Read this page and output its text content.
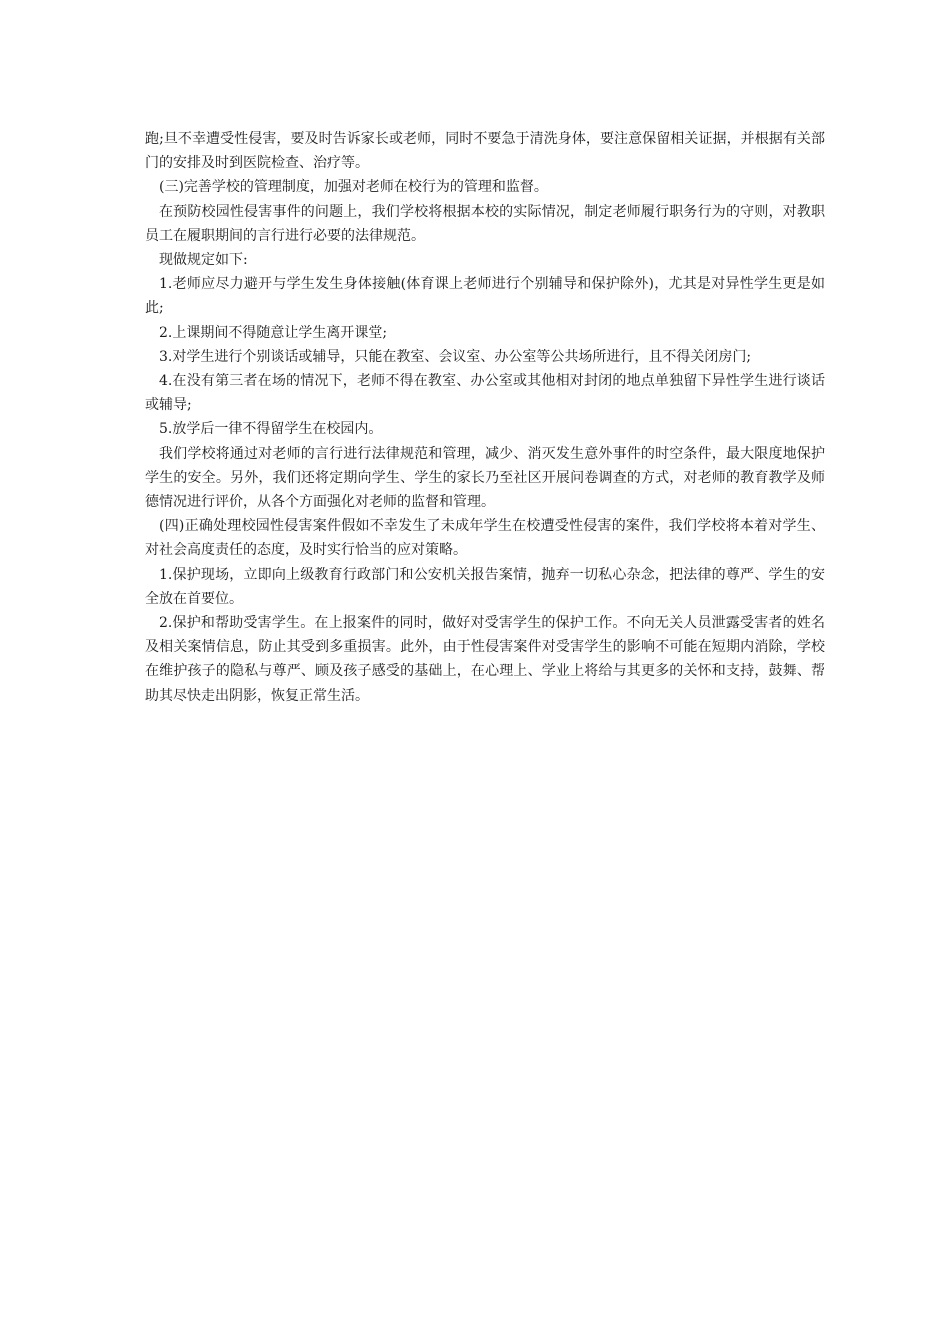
跑;旦不幸遭受性侵害，要及时告诉家长或老师，同时不要急于清洗身体，要注意保留相关证据，并根据有关部门的安排及时到医院检查、治疗等。

(三)完善学校的管理制度，加强对老师在校行为的管理和监督。

在预防校园性侵害事件的问题上，我们学校将根据本校的实际情况，制定老师履行职务行为的守则，对教职员工在履职期间的言行进行必要的法律规范。

现做规定如下:

1.老师应尽力避开与学生发生身体接触(体育课上老师进行个别辅导和保护除外)，尤其是对异性学生更是如此;

2.上课期间不得随意让学生离开课堂;

3.对学生进行个别谈话或辅导，只能在教室、会议室、办公室等公共场所进行，且不得关闭房门;

4.在没有第三者在场的情况下，老师不得在教室、办公室或其他相对封闭的地点单独留下异性学生进行谈话或辅导;

5.放学后一律不得留学生在校园内。

我们学校将通过对老师的言行进行法律规范和管理，减少、消灭发生意外事件的时空条件，最大限度地保护学生的安全。另外，我们还将定期向学生、学生的家长乃至社区开展问卷调查的方式，对老师的教育教学及师德情况进行评价，从各个方面强化对老师的监督和管理。

(四)正确处理校园性侵害案件假如不幸发生了未成年学生在校遭受性侵害的案件，我们学校将本着对学生、对社会高度责任的态度，及时实行恰当的应对策略。

1.保护现场，立即向上级教育行政部门和公安机关报告案情，抛弃一切私心杂念，把法律的尊严、学生的安全放在首要位。

2.保护和帮助受害学生。在上报案件的同时，做好对受害学生的保护工作。不向无关人员泄露受害者的姓名及相关案情信息，防止其受到多重损害。此外，由于性侵害案件对受害学生的影响不可能在短期内消除，学校在维护孩子的隐私与尊严、顾及孩子感受的基础上，在心理上、学业上将给与其更多的关怀和支持，鼓舞、帮助其尽快走出阴影，恢复正常生活。
